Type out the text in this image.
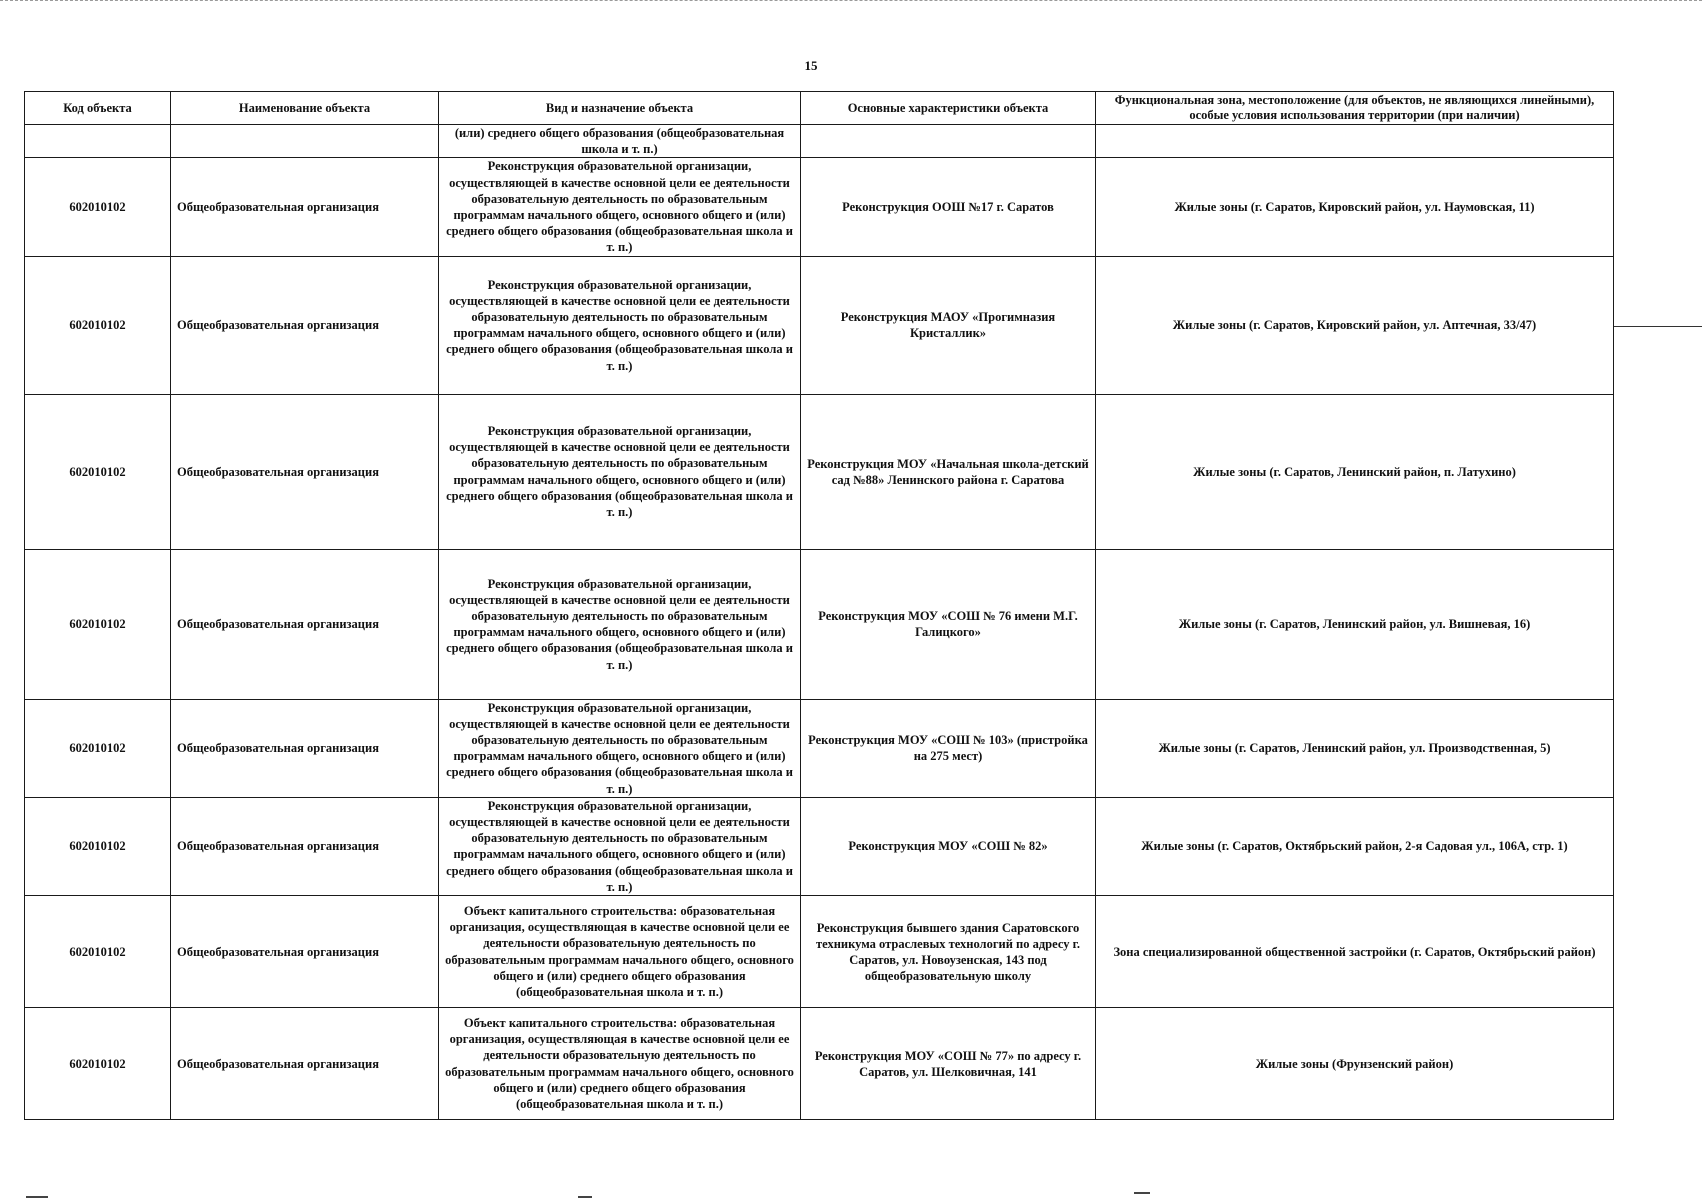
15
Код объекта	Наименование объекта	Вид и назначение объекта	Основные характеристики объекта	Функциональная зона, местоположение (для объектов, не являющихся линейными), особые условия использования территории (при наличии)
		(или) среднего общего образования (общеобразовательная школа и т. п.)		
602010102	Общеобразовательная организация	Реконструкция образовательной организации, осуществляющей в качестве основной цели ее деятельности образовательную деятельность по образовательным программам начального общего, основного общего и (или) среднего общего образования (общеобразовательная школа и т. п.)	Реконструкция ООШ №17 г. Саратов	Жилые зоны (г. Саратов, Кировский район, ул. Наумовская, 11)
602010102	Общеобразовательная организация	Реконструкция образовательной организации, осуществляющей в качестве основной цели ее деятельности образовательную деятельность по образовательным программам начального общего, основного общего и (или) среднего общего образования (общеобразовательная школа и т. п.)	Реконструкция МАОУ «Прогимназия Кристаллик»	Жилые зоны (г. Саратов, Кировский район, ул. Аптечная, 33/47)
602010102	Общеобразовательная организация	Реконструкция образовательной организации, осуществляющей в качестве основной цели ее деятельности образовательную деятельность по образовательным программам начального общего, основного общего и (или) среднего общего образования (общеобразовательная школа и т. п.)	Реконструкция МОУ «Начальная школа-детский сад №88» Ленинского района г. Саратова	Жилые зоны (г. Саратов, Ленинский район, п. Латухино)
602010102	Общеобразовательная организация	Реконструкция образовательной организации, осуществляющей в качестве основной цели ее деятельности образовательную деятельность по образовательным программам начального общего, основного общего и (или) среднего общего образования (общеобразовательная школа и т. п.)	Реконструкция МОУ «СОШ № 76 имени М.Г. Галицкого»	Жилые зоны (г. Саратов, Ленинский район, ул. Вишневая, 16)
602010102	Общеобразовательная организация	Реконструкция образовательной организации, осуществляющей в качестве основной цели ее деятельности образовательную деятельность по образовательным программам начального общего, основного общего и (или) среднего общего образования (общеобразовательная школа и т. п.)	Реконструкция МОУ «СОШ № 103» (пристройка на 275 мест)	Жилые зоны (г. Саратов, Ленинский район, ул. Производственная, 5)
602010102	Общеобразовательная организация	Реконструкция образовательной организации, осуществляющей в качестве основной цели ее деятельности образовательную деятельность по образовательным программам начального общего, основного общего и (или) среднего общего образования (общеобразовательная школа и т. п.)	Реконструкция МОУ «СОШ № 82»	Жилые зоны (г. Саратов, Октябрьский район, 2-я Садовая ул., 106А, стр. 1)
602010102	Общеобразовательная организация	Объект капитального строительства: образовательная организация, осуществляющая в качестве основной цели ее деятельности образовательную деятельность по образовательным программам начального общего, основного общего и (или) среднего общего образования (общеобразовательная школа и т. п.)	Реконструкция бывшего здания Саратовского техникума отраслевых технологий по адресу г. Саратов, ул. Новоузенская, 143 под общеобразовательную школу	Зона специализированной общественной застройки (г. Саратов, Октябрьский район)
602010102	Общеобразовательная организация	Объект капитального строительства: образовательная организация, осуществляющая в качестве основной цели ее деятельности образовательную деятельность по образовательным программам начального общего, основного общего и (или) среднего общего образования (общеобразовательная школа и т. п.)	Реконструкция МОУ «СОШ № 77» по адресу г. Саратов, ул. Шелковичная, 141	Жилые зоны (Фрунзенский район)
